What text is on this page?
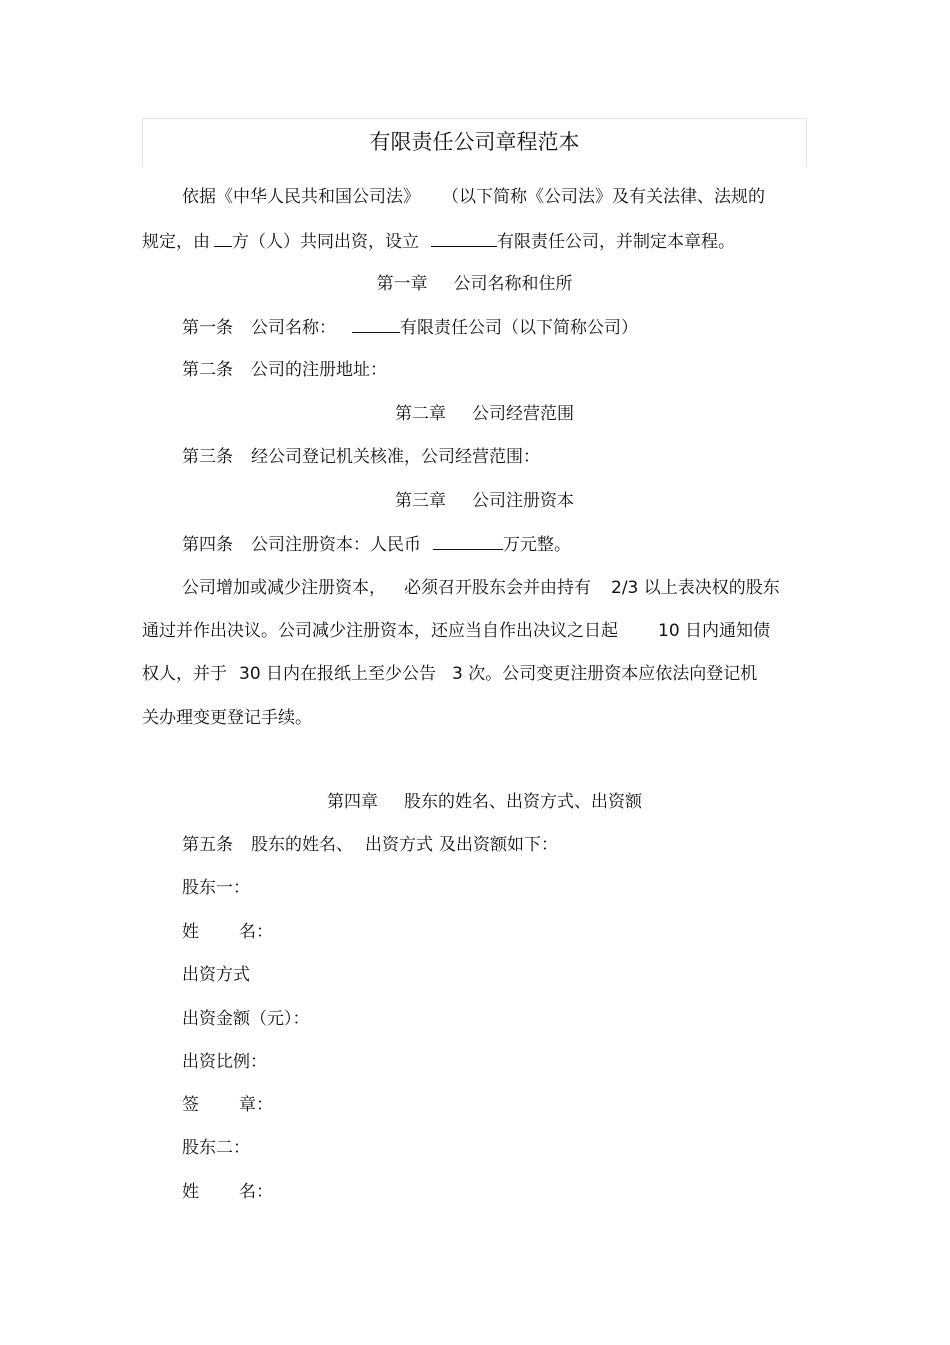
有限责任公司章程范本
依据《中华人民共和国公司法》 （以下简称《公司法》及有关法律、法规的
规定，由 方（人）共同出资，设立	有限责任公司，并制定本章程。
第一章 公司名称和住所
第一条 公司名称：	有限责任公司（以下简称公司）
第二条 公司的注册地址：
第二章 公司经营范围
第三条 经公司登记机关核准，公司经营范围：
第三章 公司注册资本
第四条 公司注册资本：人民币	万元整。
公司增加或减少注册资本， 必须召开股东会并由持有 2/3 以上表决权的股东
通过并作出决议。公司减少注册资本，还应当自作出决议之日起 10 日内通知债
权人，并于 30 日内在报纸上至少公告 3 次。公司变更注册资本应依法向登记机
关办理变更登记手续。
第四章 股东的姓名、出资方式、出资额
第五条 股东的姓名、 出资方式 及出资额如下：
股东一：
姓 名：
出资方式
出资金额（元）：
出资比例：
签 章：
股东二：
姓 名：
